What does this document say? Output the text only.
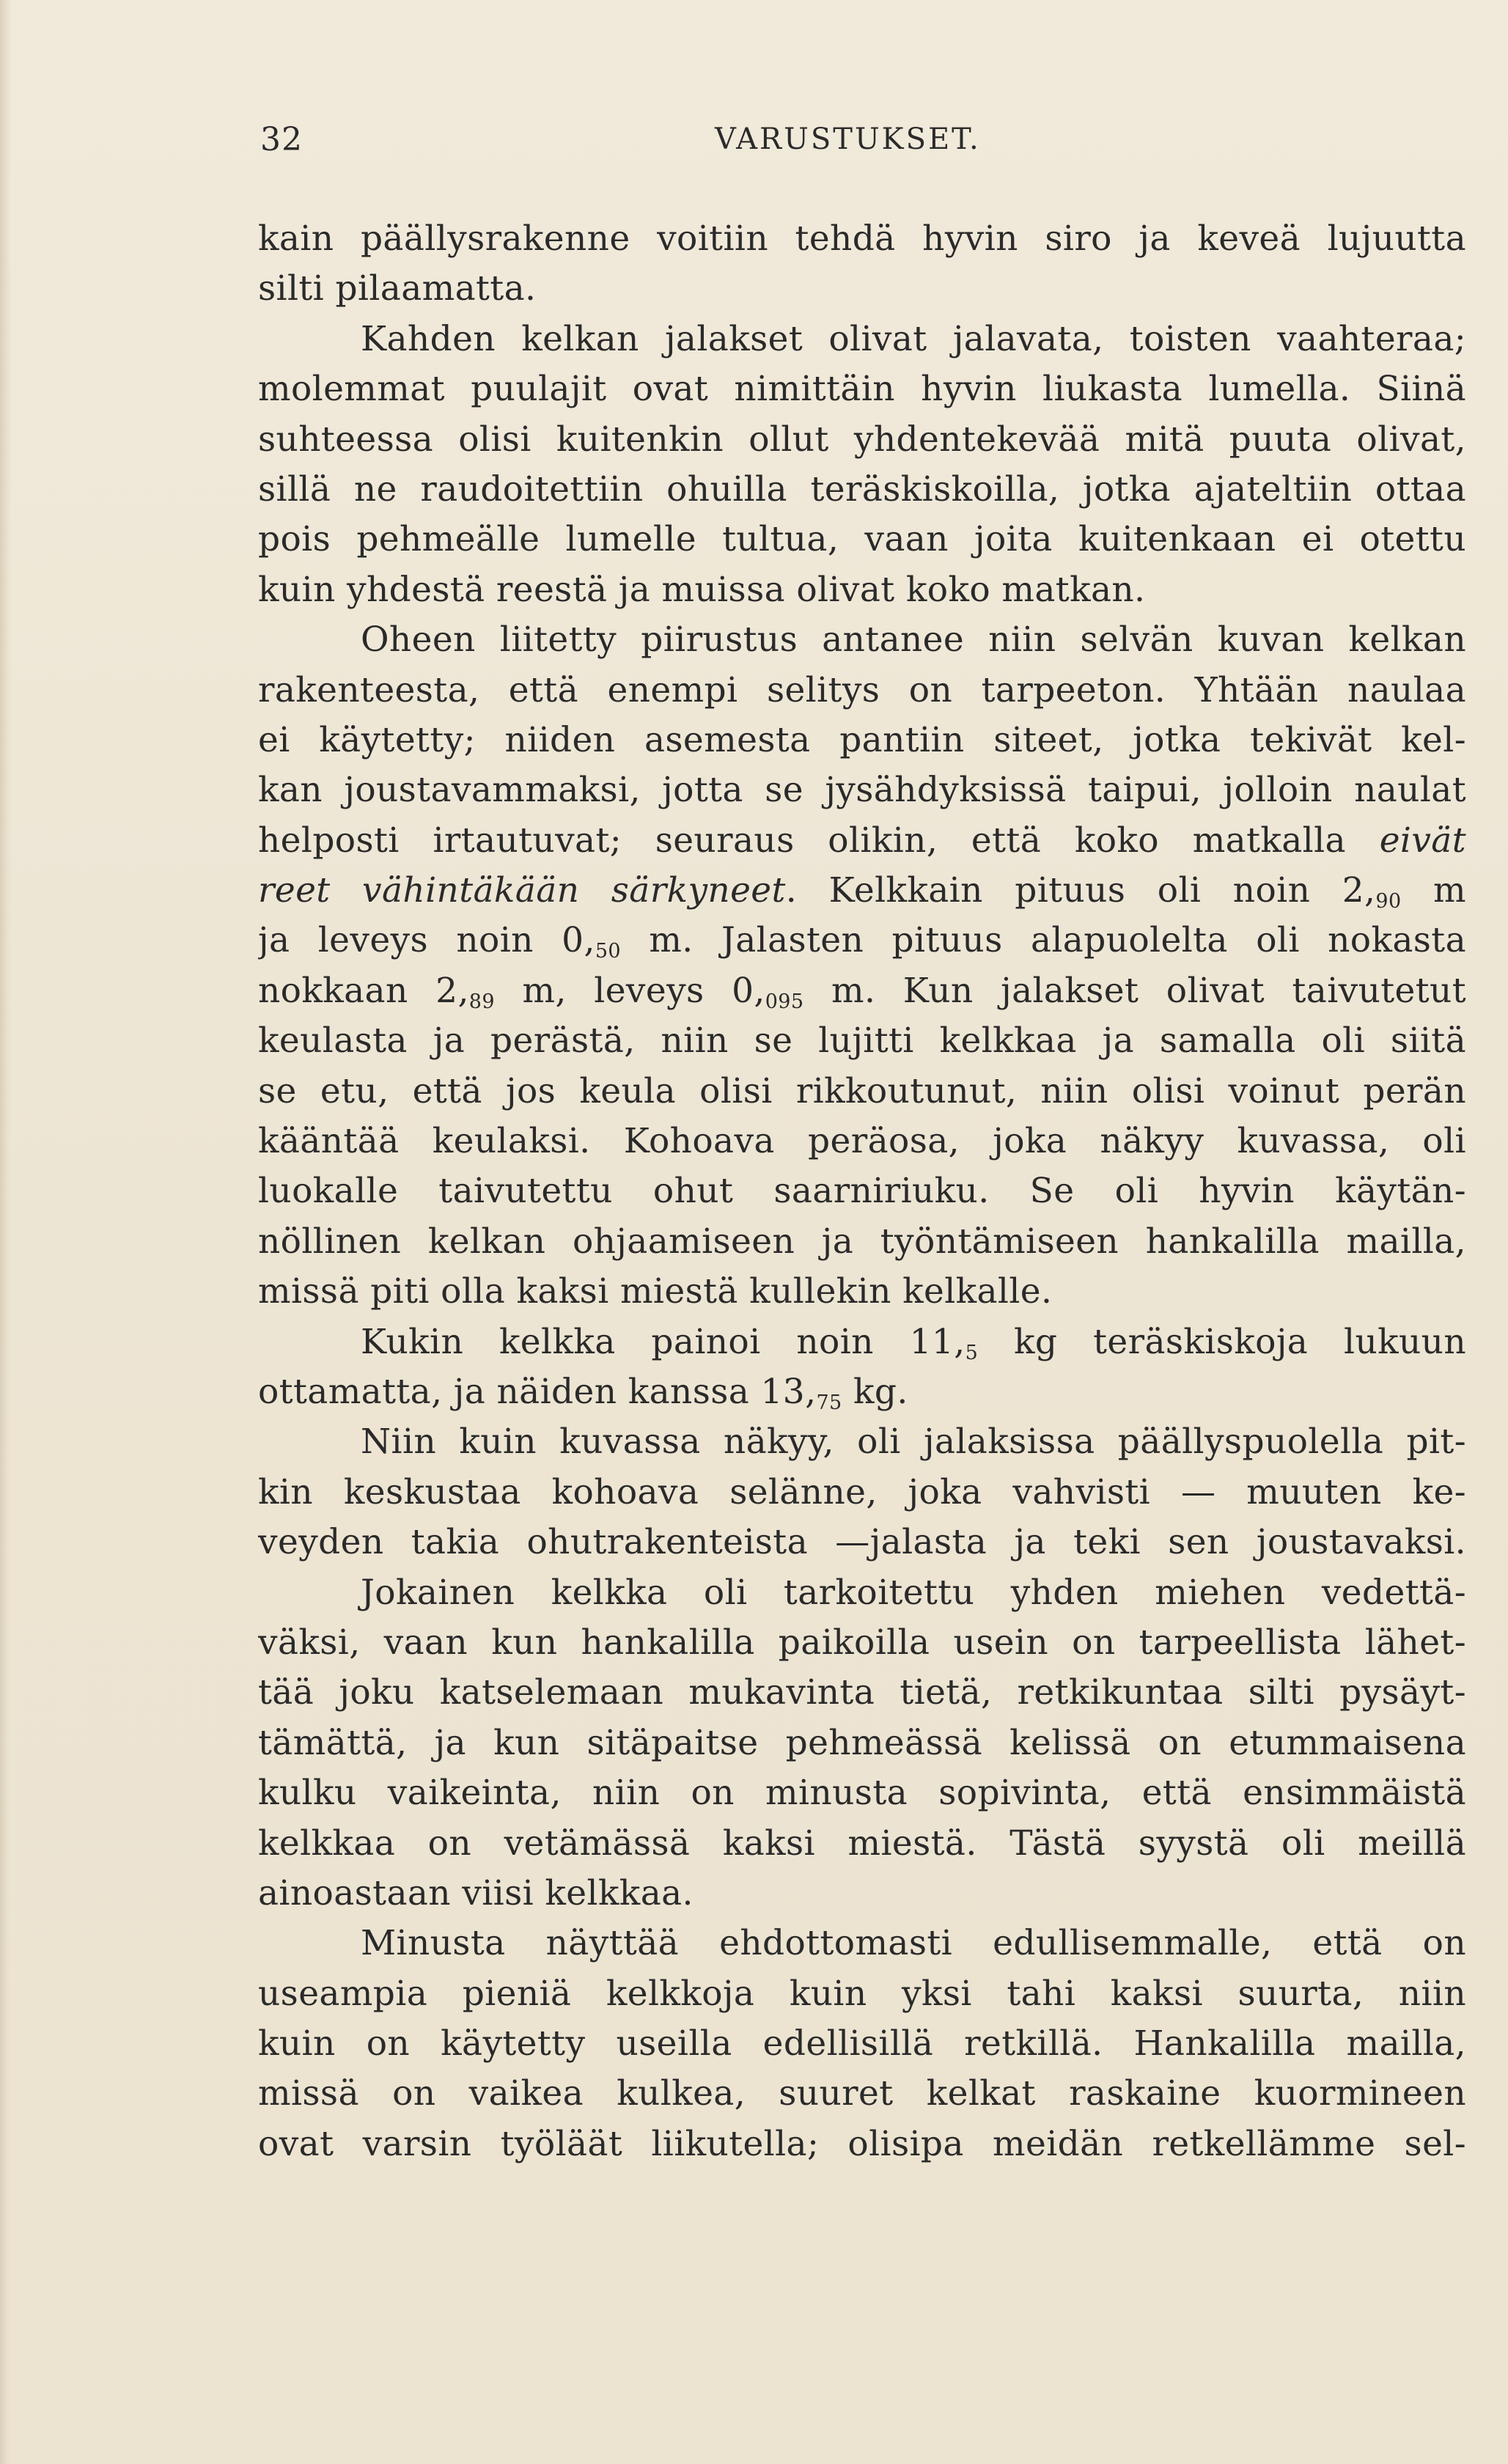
32	VARUSTUKSET.
kain päällysrakenne voitiin tehdä hyvin siro ja keveä lujuutta
silti pilaamatta.
Kahden kelkan jalakset olivat jalavata, toisten vaahteraa;
molemmat puulajit ovat nimittäin hyvin liukasta lumella. Siinä
suhteessa olisi kuitenkin ollut yhdentekevää mitä puuta olivat,
sillä ne raudoitettiin ohuilla teräskiskoilla, jotka ajateltiin ottaa
pois pehmeälle lumelle tultua, vaan joita kuitenkaan ei otettu
kuin yhdestä reestä ja muissa olivat koko matkan.
Oheen liitetty piirustus antanee niin selvän kuvan kelkan
rakenteesta, että enempi selitys on tarpeeton. Yhtään naulaa
ei käytetty; niiden asemesta pantiin siteet, jotka tekivät kel-
kan joustavammaksi, jotta se jysähdyksissä taipui, jolloin naulat
helposti irtautuvat; seuraus olikin, että koko matkalla eivät
reet vähintäkään särkyneet. Kelkkain pituus oli noin $2,_{90}$ m
ja leveys noin $0,_{50}$ m. Jalasten pituus alapuolelta oli nokasta
nokkaan $2,_{89}$ m, leveys $0,_{095}$ m. Kun jalakset olivat taivutetut
keulasta ja perästä, niin se lujitti kelkkaa ja samalla oli siitä
se etu, että jos keula olisi rikkoutunut, niin olisi voinut perän
kääntää keulaksi. Kohoava peräosa, joka näkyy kuvassa, oli
luokalle taivutettu ohut saarniriuku. Se oli hyvin käytän-
nöllinen kelkan ohjaamiseen ja työntämiseen hankalilla mailla,
missä piti olla kaksi miestä kullekin kelkalle.
Kukin kelkka painoi noin $11,_5$ kg teräskiskoja lukuun
ottamatta, ja näiden kanssa $13,_{75}$ kg.
Niin kuin kuvassa näkyy, oli jalaksissa päällyspuolella pit-
kin keskustaa kohoava selänne, joka vahvisti — muuten ke-
veyden takia ohutrakenteista —jalasta ja teki sen joustavaksi.
Jokainen kelkka oli tarkoitettu yhden miehen vedettä-
väksi, vaan kun hankalilla paikoilla usein on tarpeellista lähet-
tää joku katselemaan mukavinta tietä, retkikuntaa silti pysäyt-
tämättä, ja kun sitäpaitse pehmeässä kelissä on etummaisena
kulku vaikeinta, niin on minusta sopivinta, että ensimmäistä
kelkkaa on vetämässä kaksi miestä. Tästä syystä oli meillä
ainoastaan viisi kelkkaa.
Minusta näyttää ehdottomasti edullisemmalle, että on
useampia pieniä kelkkoja kuin yksi tahi kaksi suurta, niin
kuin on käytetty useilla edellisillä retkillä. Hankalilla mailla,
missä on vaikea kulkea, suuret kelkat raskaine kuormineen
ovat varsin työläät liikutella; olisipa meidän retkellämme sel-
